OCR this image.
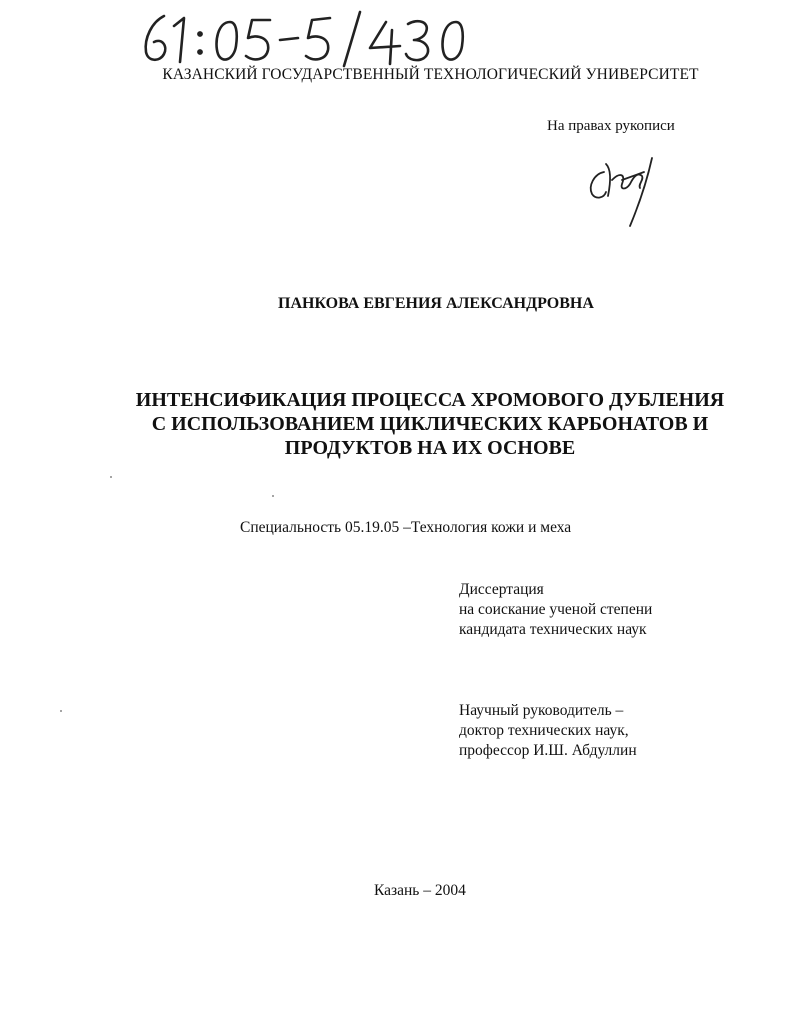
КАЗАНСКИЙ ГОСУДАРСТВЕННЫЙ ТЕХНОЛОГИЧЕСКИЙ УНИВЕРСИТЕТ
На правах рукописи
ПАНКОВА ЕВГЕНИЯ АЛЕКСАНДРОВНА
ИНТЕНСИФИКАЦИЯ ПРОЦЕССА ХРОМОВОГО ДУБЛЕНИЯ
С ИСПОЛЬЗОВАНИЕМ ЦИКЛИЧЕСКИХ КАРБОНАТОВ И
ПРОДУКТОВ НА ИХ ОСНОВЕ
Специальность 05.19.05 –Технология кожи и меха
Диссертация
на соискание ученой степени
кандидата технических наук
Научный руководитель –
доктор технических наук,
профессор И.Ш. Абдуллин
Казань – 2004
